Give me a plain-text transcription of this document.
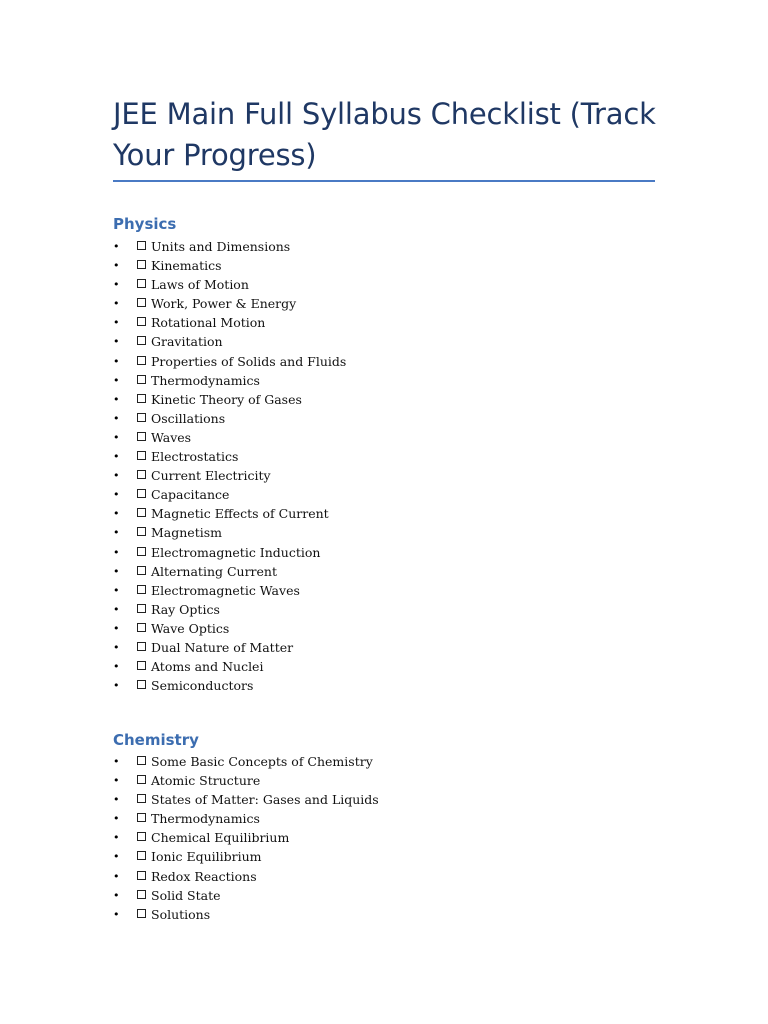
JEE Main Full Syllabus Checklist (Track Your Progress)
Physics
•	Units and Dimensions
•	Kinematics
•	Laws of Motion
•	Work, Power & Energy
•	Rotational Motion
•	Gravitation
•	Properties of Solids and Fluids
•	Thermodynamics
•	Kinetic Theory of Gases
•	Oscillations
•	Waves
•	Electrostatics
•	Current Electricity
•	Capacitance
•	Magnetic Effects of Current
•	Magnetism
•	Electromagnetic Induction
•	Alternating Current
•	Electromagnetic Waves
•	Ray Optics
•	Wave Optics
•	Dual Nature of Matter
•	Atoms and Nuclei
•	Semiconductors
Chemistry
•	Some Basic Concepts of Chemistry
•	Atomic Structure
•	States of Matter: Gases and Liquids
•	Thermodynamics
•	Chemical Equilibrium
•	Ionic Equilibrium
•	Redox Reactions
•	Solid State
•	Solutions
